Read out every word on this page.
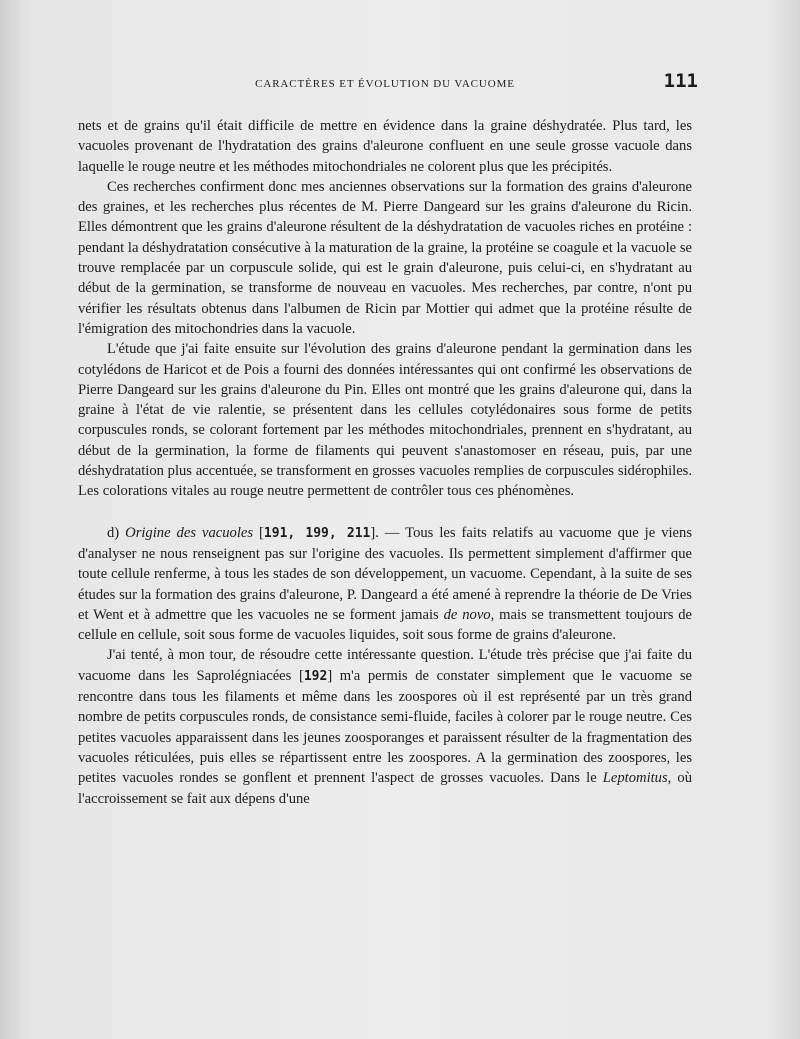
CARACTÈRES ET ÉVOLUTION DU VACUOME	111

nets et de grains qu'il était difficile de mettre en évidence dans la graine déshydratée. Plus tard, les vacuoles provenant de l'hydratation des grains d'aleurone confluent en une seule grosse vacuole dans laquelle le rouge neutre et les méthodes mitochondriales ne colorent plus que les précipités.

Ces recherches confirment donc mes anciennes observations sur la formation des grains d'aleurone des graines, et les recherches plus récentes de M. Pierre Dangeard sur les grains d'aleurone du Ricin. Elles démontrent que les grains d'aleurone résultent de la déshydratation de vacuoles riches en protéine : pendant la déshydratation consécutive à la maturation de la graine, la protéine se coagule et la vacuole se trouve remplacée par un corpuscule solide, qui est le grain d'aleurone, puis celui-ci, en s'hydratant au début de la germination, se transforme de nouveau en vacuoles. Mes recherches, par contre, n'ont pu vérifier les résultats obtenus dans l'albumen de Ricin par Mottier qui admet que la protéine résulte de l'émigration des mitochondries dans la vacuole.

L'étude que j'ai faite ensuite sur l'évolution des grains d'aleurone pendant la germination dans les cotylédons de Haricot et de Pois a fourni des données intéressantes qui ont confirmé les observations de Pierre Dangeard sur les grains d'aleurone du Pin. Elles ont montré que les grains d'aleurone qui, dans la graine à l'état de vie ralentie, se présentent dans les cellules cotylédonaires sous forme de petits corpuscules ronds, se colorant fortement par les méthodes mitochondriales, prennent en s'hydratant, au début de la germination, la forme de filaments qui peuvent s'anastomoser en réseau, puis, par une déshydratation plus accentuée, se transforment en grosses vacuoles remplies de corpuscules sidérophiles. Les colorations vitales au rouge neutre permettent de contrôler tous ces phénomènes.

d) Origine des vacuoles [191, 199, 211]. — Tous les faits relatifs au vacuome que je viens d'analyser ne nous renseignent pas sur l'origine des vacuoles. Ils permettent simplement d'affirmer que toute cellule renferme, à tous les stades de son développement, un vacuome. Cependant, à la suite de ses études sur la formation des grains d'aleurone, P. Dangeard a été amené à reprendre la théorie de De Vries et Went et à admettre que les vacuoles ne se forment jamais de novo, mais se transmettent toujours de cellule en cellule, soit sous forme de vacuoles liquides, soit sous forme de grains d'aleurone.

J'ai tenté, à mon tour, de résoudre cette intéressante question. L'étude très précise que j'ai faite du vacuome dans les Saprolégniacées [192] m'a permis de constater simplement que le vacuome se rencontre dans tous les filaments et même dans les zoospores où il est représenté par un très grand nombre de petits corpuscules ronds, de consistance semi-fluide, faciles à colorer par le rouge neutre. Ces petites vacuoles apparaissent dans les jeunes zoosporanges et paraissent résulter de la fragmentation des vacuoles réticulées, puis elles se répartissent entre les zoospores. A la germination des zoospores, les petites vacuoles rondes se gonflent et prennent l'aspect de grosses vacuoles. Dans le Leptomitus, où l'accroissement se fait aux dépens d'une
